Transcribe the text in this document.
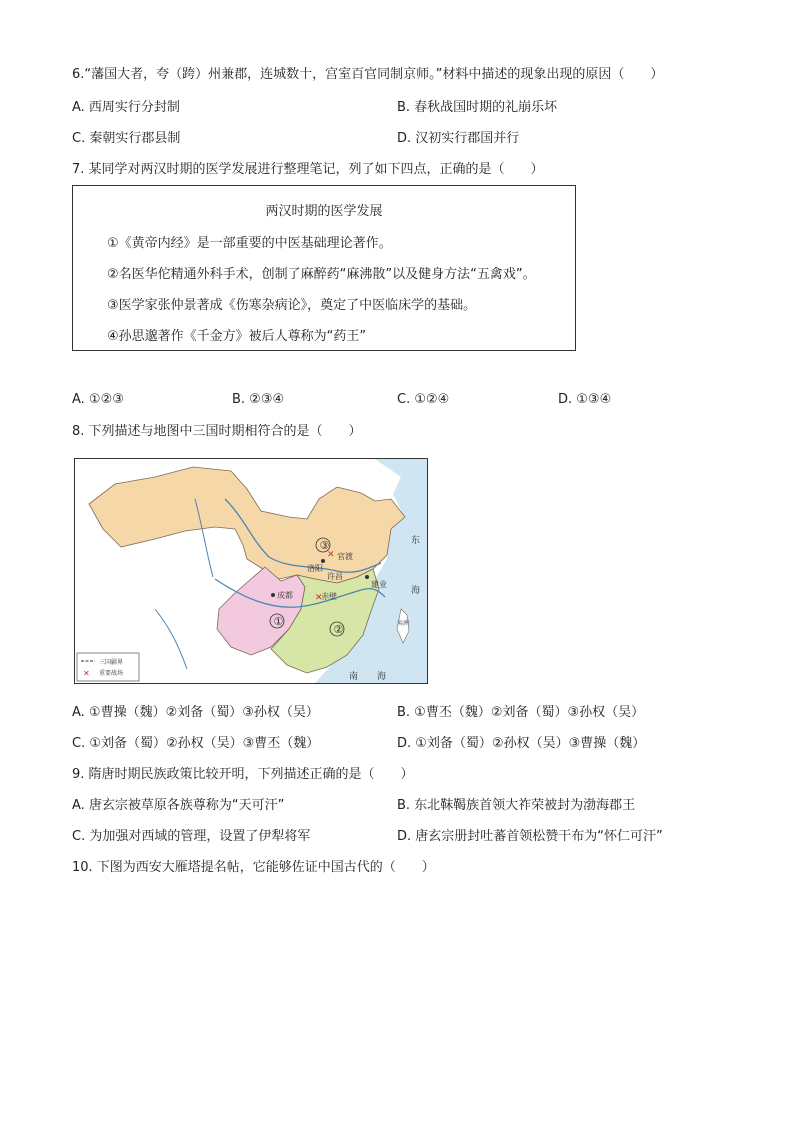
6.“藩国大者，夸（跨）州兼郡，连城数十，宫室百官同制京师。”材料中描述的现象出现的原因（　　）
A. 西周实行分封制	B. 春秋战国时期的礼崩乐坏
C. 秦朝实行郡县制	D. 汉初实行郡国并行
7. 某同学对两汉时期的医学发展进行整理笔记，列了如下四点，正确的是（　　）
两汉时期的医学发展
①《黄帝内经》是一部重要的中医基础理论著作。
②名医华佗精通外科手术，创制了麻醉药“麻沸散”以及健身方法“五禽戏”。
③医学家张仲景著成《伤寒杂病论》，奠定了中医临床学的基础。
④孙思邈著作《千金方》被后人尊称为“药王”
A. ①②③	B. ②③④	C. ①②④	D. ①③④
8. 下列描述与地图中三国时期相符合的是（　　）
③
①
②
洛阳
官渡
许昌
建业
成都	赤壁
✕
✕
东
海
南 海
夷洲
三国疆界
✕ 重要战场
A. ①曹操（魏）②刘备（蜀）③孙权（吴）	B. ①曹丕（魏）②刘备（蜀）③孙权（吴）
C. ①刘备（蜀）②孙权（吴）③曹丕（魏）	D. ①刘备（蜀）②孙权（吴）③曹操（魏）
9. 隋唐时期民族政策比较开明，下列描述正确的是（　　）
A. 唐玄宗被草原各族尊称为“天可汗”	B. 东北靺鞨族首领大祚荣被封为渤海郡王
C. 为加强对西域的管理，设置了伊犁将军	D. 唐玄宗册封吐蕃首领松赞干布为“怀仁可汗”
10. 下图为西安大雁塔提名帖，它能够佐证中国古代的（　　）
